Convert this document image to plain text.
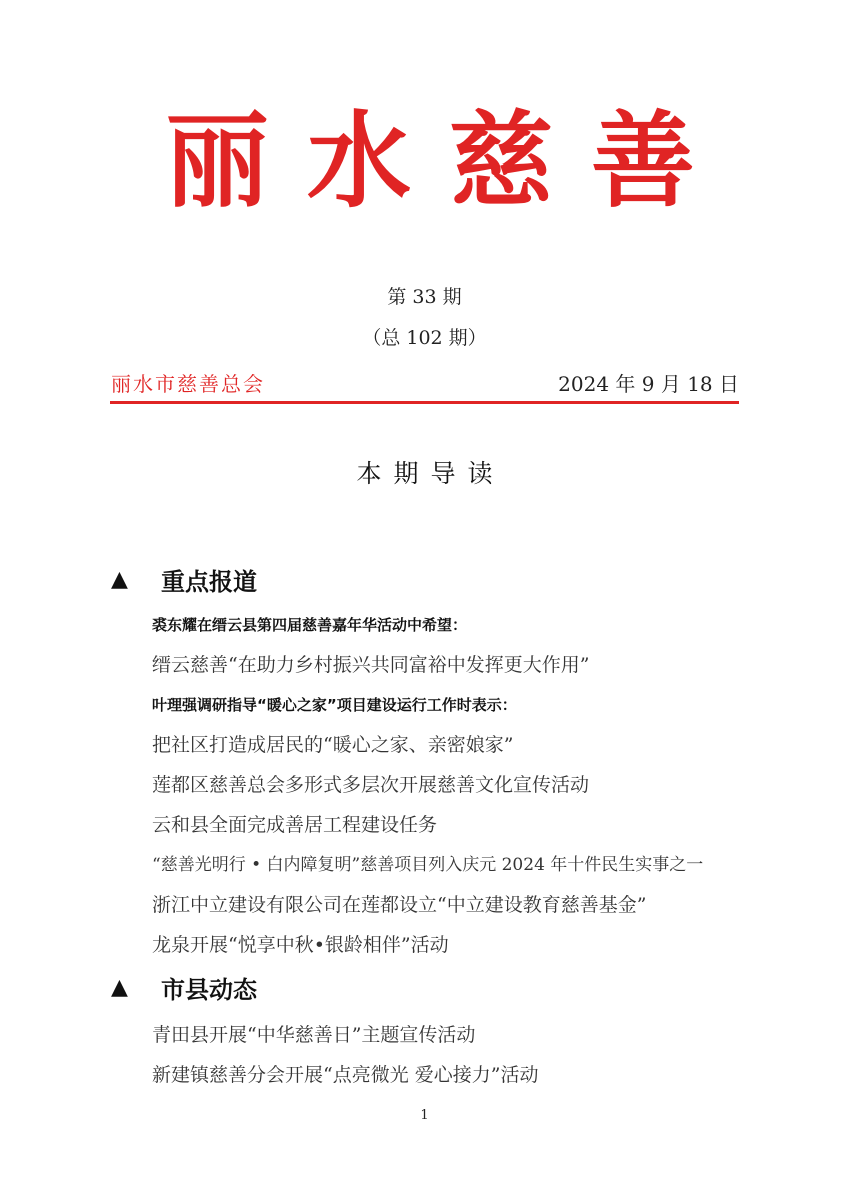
丽 水 慈 善
第 33 期
（总 102 期）
丽水市慈善总会	2024 年 9 月 18 日
本期导读
▲	重点报道
裘东耀在缙云县第四届慈善嘉年华活动中希望：
缙云慈善“在助力乡村振兴共同富裕中发挥更大作用”
叶理强调研指导“暖心之家”项目建设运行工作时表示：
把社区打造成居民的“暖心之家、亲密娘家”
莲都区慈善总会多形式多层次开展慈善文化宣传活动
云和县全面完成善居工程建设任务
“慈善光明行 • 白内障复明”慈善项目列入庆元 2024 年十件民生实事之一
浙江中立建设有限公司在莲都设立“中立建设教育慈善基金”
龙泉开展“悦享中秋•银龄相伴”活动
▲	市县动态
青田县开展“中华慈善日”主题宣传活动
新建镇慈善分会开展“点亮微光 爱心接力”活动
1
